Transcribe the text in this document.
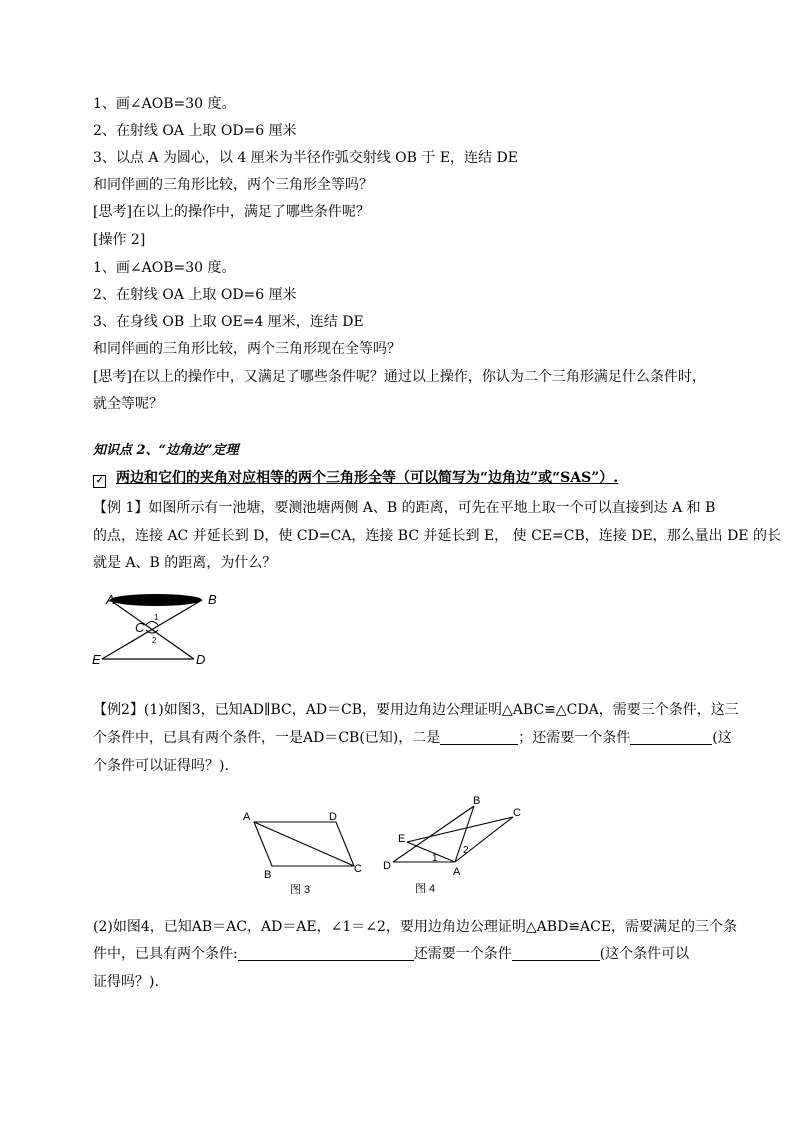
1、画∠AOB=30 度。
2、在射线 OA 上取 OD=6 厘米
3、以点 A 为圆心，以 4 厘米为半径作弧交射线 OB 于 E，连结 DE
和同伴画的三角形比较，两个三角形全等吗？
[思考]在以上的操作中，满足了哪些条件呢？
[操作 2]
1、画∠AOB=30 度。
2、在射线 OA 上取 OD=6 厘米
3、在身线 OB 上取 OE=4 厘米，连结 DE
和同伴画的三角形比较，两个三角形现在全等吗？
[思考]在以上的操作中，又满足了哪些条件呢？通过以上操作，你认为二个三角形满足什么条件时，
就全等呢？
知识点 2、“边角边”定理
✓ 两边和它们的夹角对应相等的两个三角形全等（可以简写为“边角边”或“SAS”）.
【例 1】如图所示有一池塘，要测池塘两侧 A、B 的距离，可先在平地上取一个可以直接到达 A 和 B
的点，连接 AC 并延长到 D，使 CD=CA，连接 BC 并延长到 E， 使 CE=CB，连接 DE，那么量出 DE 的长
就是 A、B 的距离，为什么？
A	B
C
D
E
1
2
【例2】(1)如图3，已知AD∥BC，AD＝CB，要用边角边公理证明△ABC≌△CDA，需要三个条件，这三
个条件中，已具有两个条件，一是AD＝CB(已知)，二是	；还需要一个条件	(这
个条件可以证得吗？).
A	D
B	C
图 3
B
C
E
D	A
1
2
图 4
(2)如图4，已知AB＝AC，AD＝AE，∠1＝∠2，要用边角边公理证明△ABD≌ACE，需要满足的三个条
件中，已具有两个条件:	还需要一个条件	(这个条件可以
证得吗？).
